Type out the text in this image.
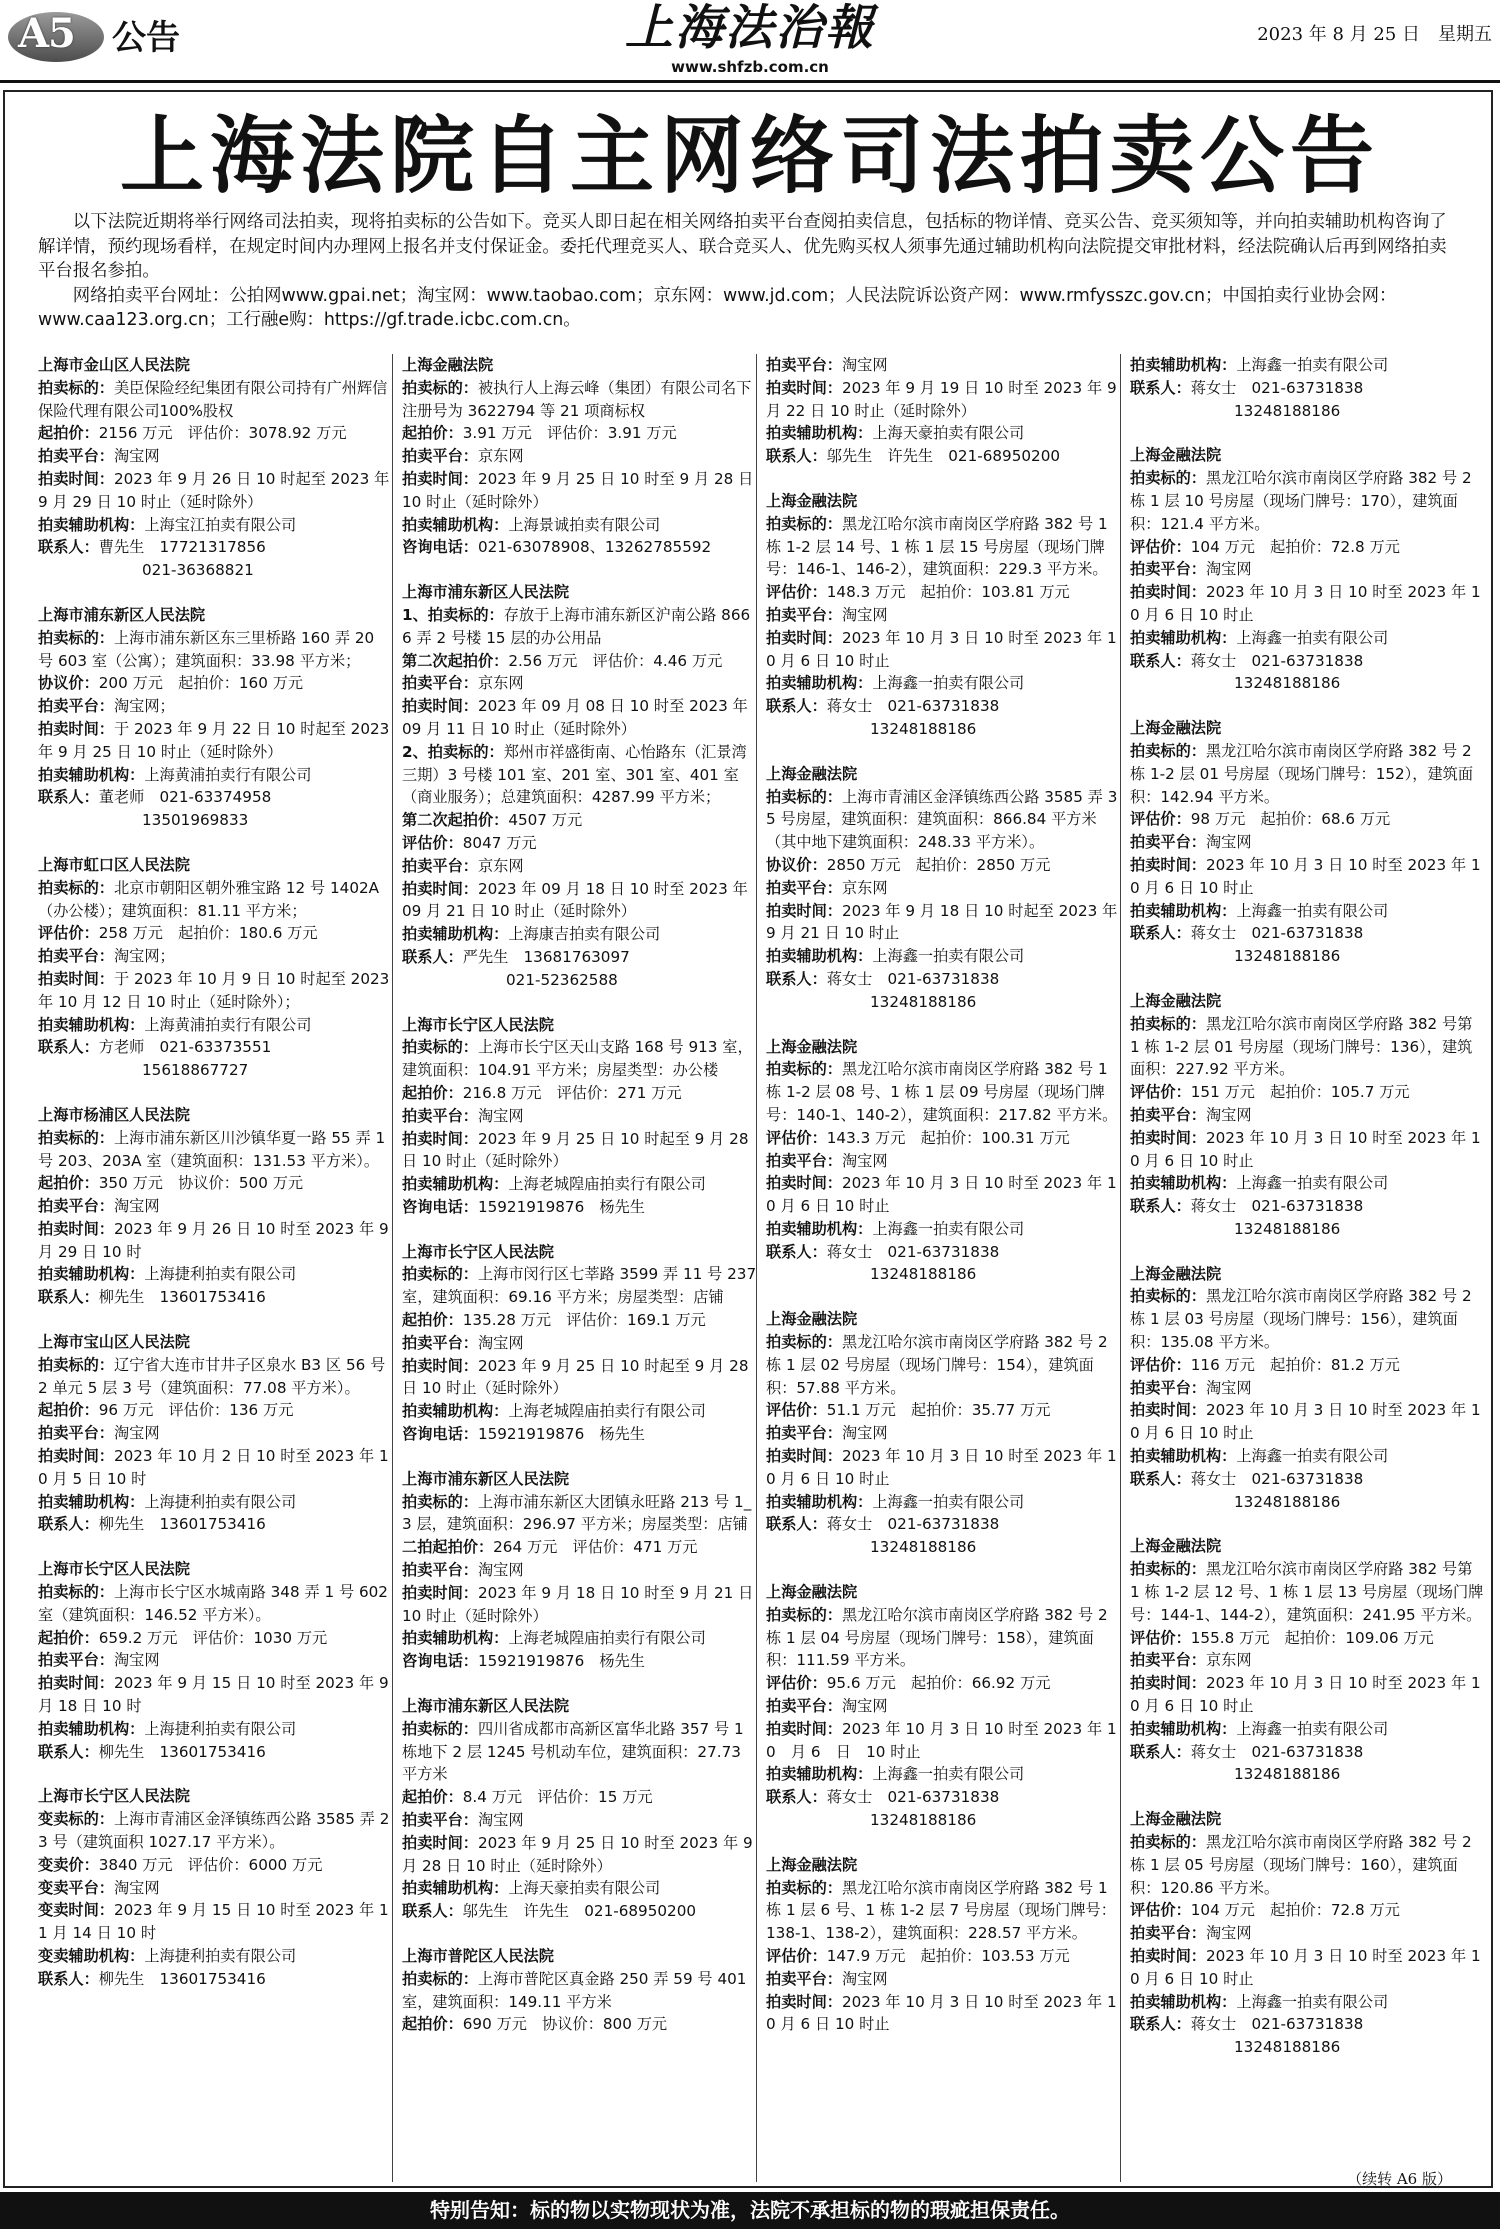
A5 公告	上海法治報
www.shfzb.com.cn
2023 年 8 月 25 日　星期五
上海法院自主网络司法拍卖公告

以下法院近期将举行网络司法拍卖，现将拍卖标的公告如下。竞买人即日起在相关网络拍卖平台查阅拍卖信息，包括标的物详情、竞买公告、竞买须知等，并向拍卖辅助机构咨询了解详情，预约现场看样，在规定时间内办理网上报名并支付保证金。委托代理竞买人、联合竞买人、优先购买权人须事先通过辅助机构向法院提交审批材料，经法院确认后再到网络拍卖平台报名参拍。

网络拍卖平台网址：公拍网www.gpai.net；淘宝网：www.taobao.com；京东网：www.jd.com；人民法院诉讼资产网：www.rmfysszc.gov.cn；中国拍卖行业协会网：www.caa123.org.cn；工行融e购：https://gf.trade.icbc.com.cn。

上海市金山区人民法院
拍卖标的：美臣保险经纪集团有限公司持有广州辉信保险代理有限公司100%股权
起拍价：2156 万元　评估价：3078.92 万元
拍卖平台：淘宝网
拍卖时间：2023 年 9 月 26 日 10 时起至 2023 年 9 月 29 日 10 时止（延时除外）
拍卖辅助机构：上海宝江拍卖有限公司
联系人：曹先生　17721317856
021-36368821
上海市浦东新区人民法院
拍卖标的：上海市浦东新区东三里桥路 160 弄 20 号 603 室（公寓）；建筑面积：33.98 平方米；
协议价：200 万元　起拍价：160 万元
拍卖平台：淘宝网；
拍卖时间：于 2023 年 9 月 22 日 10 时起至 2023 年 9 月 25 日 10 时止（延时除外）
拍卖辅助机构：上海黄浦拍卖行有限公司
联系人：董老师　021-63374958
13501969833
上海市虹口区人民法院
拍卖标的：北京市朝阳区朝外雅宝路 12 号 1402A（办公楼）；建筑面积：81.11 平方米；
评估价：258 万元　起拍价：180.6 万元
拍卖平台：淘宝网；
拍卖时间：于 2023 年 10 月 9 日 10 时起至 2023 年 10 月 12 日 10 时止（延时除外）；
拍卖辅助机构：上海黄浦拍卖行有限公司
联系人：方老师　021-63373551
15618867727
上海市杨浦区人民法院
拍卖标的：上海市浦东新区川沙镇华夏一路 55 弄 1 号 203、203A 室（建筑面积：131.53 平方米）。
起拍价：350 万元　协议价：500 万元
拍卖平台：淘宝网
拍卖时间：2023 年 9 月 26 日 10 时至 2023 年 9 月 29 日 10 时
拍卖辅助机构：上海捷利拍卖有限公司
联系人：柳先生　13601753416
上海市宝山区人民法院
拍卖标的：辽宁省大连市甘井子区泉水 B3 区 56 号 2 单元 5 层 3 号（建筑面积：77.08 平方米）。
起拍价：96 万元　评估价：136 万元
拍卖平台：淘宝网
拍卖时间：2023 年 10 月 2 日 10 时至 2023 年 10 月 5 日 10 时
拍卖辅助机构：上海捷利拍卖有限公司
联系人：柳先生　13601753416
上海市长宁区人民法院
拍卖标的：上海市长宁区水城南路 348 弄 1 号 602 室（建筑面积：146.52 平方米）。
起拍价：659.2 万元　评估价：1030 万元
拍卖平台：淘宝网
拍卖时间：2023 年 9 月 15 日 10 时至 2023 年 9 月 18 日 10 时
拍卖辅助机构：上海捷利拍卖有限公司
联系人：柳先生　13601753416
上海市长宁区人民法院
变卖标的：上海市青浦区金泽镇练西公路 3585 弄 23 号（建筑面积 1027.17 平方米）。
变卖价：3840 万元　评估价：6000 万元
变卖平台：淘宝网
变卖时间：2023 年 9 月 15 日 10 时至 2023 年 11 月 14 日 10 时
变卖辅助机构：上海捷利拍卖有限公司
联系人：柳先生　13601753416
上海金融法院
拍卖标的：被执行人上海云峰（集团）有限公司名下注册号为 3622794 等 21 项商标权
起拍价：3.91 万元　评估价：3.91 万元
拍卖平台：京东网
拍卖时间：2023 年 9 月 25 日 10 时至 9 月 28 日 10 时止（延时除外）
拍卖辅助机构：上海景诚拍卖有限公司
咨询电话：021-63078908、13262785592
上海市浦东新区人民法院
1、拍卖标的：存放于上海市浦东新区沪南公路 8666 弄 2 号楼 15 层的办公用品
第二次起拍价：2.56 万元　评估价：4.46 万元
拍卖平台：京东网
拍卖时间：2023 年 09 月 08 日 10 时至 2023 年 09 月 11 日 10 时止（延时除外）
2、拍卖标的：郑州市祥盛街南、心怡路东（汇景湾三期）3 号楼 101 室、201 室、301 室、401 室（商业服务）；总建筑面积：4287.99 平方米；
第二次起拍价：4507 万元
评估价：8047 万元
拍卖平台：京东网
拍卖时间：2023 年 09 月 18 日 10 时至 2023 年 09 月 21 日 10 时止（延时除外）
拍卖辅助机构：上海康吉拍卖有限公司
联系人：严先生　13681763097
021-52362588
上海市长宁区人民法院
拍卖标的：上海市长宁区天山支路 168 号 913 室，建筑面积：104.91 平方米；房屋类型：办公楼
起拍价：216.8 万元　评估价：271 万元
拍卖平台：淘宝网
拍卖时间：2023 年 9 月 25 日 10 时起至 9 月 28 日 10 时止（延时除外）
拍卖辅助机构：上海老城隍庙拍卖行有限公司
咨询电话：15921919876　杨先生
上海市长宁区人民法院
拍卖标的：上海市闵行区七莘路 3599 弄 11 号 237 室，建筑面积：69.16 平方米；房屋类型：店铺
起拍价：135.28 万元　评估价：169.1 万元
拍卖平台：淘宝网
拍卖时间：2023 年 9 月 25 日 10 时起至 9 月 28 日 10 时止（延时除外）
拍卖辅助机构：上海老城隍庙拍卖行有限公司
咨询电话：15921919876　杨先生
上海市浦东新区人民法院
拍卖标的：上海市浦东新区大团镇永旺路 213 号 1_3 层，建筑面积：296.97 平方米；房屋类型：店铺
二拍起拍价：264 万元　评估价：471 万元
拍卖平台：淘宝网
拍卖时间：2023 年 9 月 18 日 10 时至 9 月 21 日 10 时止（延时除外）
拍卖辅助机构：上海老城隍庙拍卖行有限公司
咨询电话：15921919876　杨先生
上海市浦东新区人民法院
拍卖标的：四川省成都市高新区富华北路 357 号 1 栋地下 2 层 1245 号机动车位，建筑面积：27.73 平方米
起拍价：8.4 万元　评估价：15 万元
拍卖平台：淘宝网
拍卖时间：2023 年 9 月 25 日 10 时至 2023 年 9 月 28 日 10 时止（延时除外）
拍卖辅助机构：上海天豪拍卖有限公司
联系人：邬先生　许先生　021-68950200
上海市普陀区人民法院
拍卖标的：上海市普陀区真金路 250 弄 59 号 401 室，建筑面积：149.11 平方米
起拍价：690 万元　协议价：800 万元
拍卖平台：淘宝网
拍卖时间：2023 年 9 月 19 日 10 时至 2023 年 9 月 22 日 10 时止（延时除外）
拍卖辅助机构：上海天豪拍卖有限公司
联系人：邬先生　许先生　021-68950200
上海金融法院
拍卖标的：黑龙江哈尔滨市南岗区学府路 382 号 1 栋 1-2 层 14 号、1 栋 1 层 15 号房屋（现场门牌号：146-1、146-2），建筑面积：229.3 平方米。
评估价：148.3 万元　起拍价：103.81 万元
拍卖平台：淘宝网
拍卖时间：2023 年 10 月 3 日 10 时至 2023 年 10 月 6 日 10 时止
拍卖辅助机构：上海鑫一拍卖有限公司
联系人：蒋女士　021-63731838
13248188186
上海金融法院
拍卖标的：上海市青浦区金泽镇练西公路 3585 弄 35 号房屋，建筑面积：建筑面积：866.84 平方米（其中地下建筑面积：248.33 平方米）。
协议价：2850 万元　起拍价：2850 万元
拍卖平台：京东网
拍卖时间：2023 年 9 月 18 日 10 时起至 2023 年 9 月 21 日 10 时止
拍卖辅助机构：上海鑫一拍卖有限公司
联系人：蒋女士　021-63731838
13248188186
上海金融法院
拍卖标的：黑龙江哈尔滨市南岗区学府路 382 号 1 栋 1-2 层 08 号、1 栋 1 层 09 号房屋（现场门牌号：140-1、140-2），建筑面积：217.82 平方米。
评估价：143.3 万元　起拍价：100.31 万元
拍卖平台：淘宝网
拍卖时间：2023 年 10 月 3 日 10 时至 2023 年 10 月 6 日 10 时止
拍卖辅助机构：上海鑫一拍卖有限公司
联系人：蒋女士　021-63731838
13248188186
上海金融法院
拍卖标的：黑龙江哈尔滨市南岗区学府路 382 号 2 栋 1 层 02 号房屋（现场门牌号：154），建筑面积：57.88 平方米。
评估价：51.1 万元　起拍价：35.77 万元
拍卖平台：淘宝网
拍卖时间：2023 年 10 月 3 日 10 时至 2023 年 10 月 6 日 10 时止
拍卖辅助机构：上海鑫一拍卖有限公司
联系人：蒋女士　021-63731838
13248188186
上海金融法院
拍卖标的：黑龙江哈尔滨市南岗区学府路 382 号 2 栋 1 层 04 号房屋（现场门牌号：158），建筑面积：111.59 平方米。
评估价：95.6 万元　起拍价：66.92 万元
拍卖平台：淘宝网
拍卖时间：2023 年 10 月 3 日 10 时至 2023 年 10　月 6　日　10 时止
拍卖辅助机构：上海鑫一拍卖有限公司
联系人：蒋女士　021-63731838
13248188186
上海金融法院
拍卖标的：黑龙江哈尔滨市南岗区学府路 382 号 1 栋 1 层 6 号、1 栋 1-2 层 7 号房屋（现场门牌号：138-1、138-2），建筑面积：228.57 平方米。
评估价：147.9 万元　起拍价：103.53 万元
拍卖平台：淘宝网
拍卖时间：2023 年 10 月 3 日 10 时至 2023 年 10 月 6 日 10 时止
拍卖辅助机构：上海鑫一拍卖有限公司
联系人：蒋女士　021-63731838
13248188186
上海金融法院
拍卖标的：黑龙江哈尔滨市南岗区学府路 382 号 2 栋 1 层 10 号房屋（现场门牌号：170），建筑面积：121.4 平方米。
评估价：104 万元　起拍价：72.8 万元
拍卖平台：淘宝网
拍卖时间：2023 年 10 月 3 日 10 时至 2023 年 10 月 6 日 10 时止
拍卖辅助机构：上海鑫一拍卖有限公司
联系人：蒋女士　021-63731838
13248188186
上海金融法院
拍卖标的：黑龙江哈尔滨市南岗区学府路 382 号 2 栋 1-2 层 01 号房屋（现场门牌号：152），建筑面积：142.94 平方米。
评估价：98 万元　起拍价：68.6 万元
拍卖平台：淘宝网
拍卖时间：2023 年 10 月 3 日 10 时至 2023 年 10 月 6 日 10 时止
拍卖辅助机构：上海鑫一拍卖有限公司
联系人：蒋女士　021-63731838
13248188186
上海金融法院
拍卖标的：黑龙江哈尔滨市南岗区学府路 382 号第 1 栋 1-2 层 01 号房屋（现场门牌号：136），建筑面积：227.92 平方米。
评估价：151 万元　起拍价：105.7 万元
拍卖平台：淘宝网
拍卖时间：2023 年 10 月 3 日 10 时至 2023 年 10 月 6 日 10 时止
拍卖辅助机构：上海鑫一拍卖有限公司
联系人：蒋女士　021-63731838
13248188186
上海金融法院
拍卖标的：黑龙江哈尔滨市南岗区学府路 382 号 2 栋 1 层 03 号房屋（现场门牌号：156），建筑面积：135.08 平方米。
评估价：116 万元　起拍价：81.2 万元
拍卖平台：淘宝网
拍卖时间：2023 年 10 月 3 日 10 时至 2023 年 10 月 6 日 10 时止
拍卖辅助机构：上海鑫一拍卖有限公司
联系人：蒋女士　021-63731838
13248188186
上海金融法院
拍卖标的：黑龙江哈尔滨市南岗区学府路 382 号第 1 栋 1-2 层 12 号、1 栋 1 层 13 号房屋（现场门牌号：144-1、144-2），建筑面积：241.95 平方米。
评估价：155.8 万元　起拍价：109.06 万元
拍卖平台：京东网
拍卖时间：2023 年 10 月 3 日 10 时至 2023 年 10 月 6 日 10 时止
拍卖辅助机构：上海鑫一拍卖有限公司
联系人：蒋女士　021-63731838
13248188186
上海金融法院
拍卖标的：黑龙江哈尔滨市南岗区学府路 382 号 2 栋 1 层 05 号房屋（现场门牌号：160），建筑面积：120.86 平方米。
评估价：104 万元　起拍价：72.8 万元
拍卖平台：淘宝网
拍卖时间：2023 年 10 月 3 日 10 时至 2023 年 10 月 6 日 10 时止
拍卖辅助机构：上海鑫一拍卖有限公司
联系人：蒋女士　021-63731838
13248188186
特别告知：标的物以实物现状为准，法院不承担标的物的瑕疵担保责任。
（续转 A6 版）
